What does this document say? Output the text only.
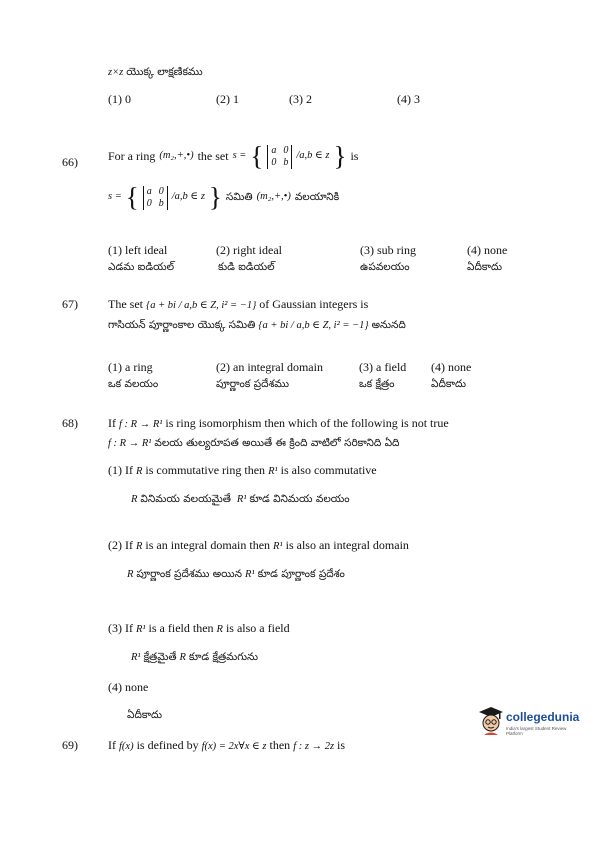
z×z యొక్క లాక్షణికము
(1) 0	(2) 1	(3) 2	(4) 3
66)	For a ring (m₂,+,•) the set s = { a 0
0 b
/a,b ∈ z } is
s = { a 0
0 b
/a,b ∈ z } సమితి (m₂,+,•) వలయానికి
(1) left ideal	(2) right ideal	(3) sub ring	(4) none
ఎడమ ఐడియల్	కుడి ఐడియల్	ఉపవలయం	ఏదీకాదు
67)	The set {a + bi / a,b ∈ Z, i² = −1} of Gaussian integers is
గాసియన్ పూర్ణాంకాల యొక్క సమితి {a + bi / a,b ∈ Z, i² = −1} అనునది
(1) a ring	(2) an integral domain	(3) a field (4) none
ఒక వలయం	పూర్ణాంక ప్రదేశము	ఒక క్షేత్రం	ఏదీకాదు
68)	If f : R → R¹ is ring isomorphism then which of the following is not true
f : R → R¹ వలయ తుల్యరూపత అయితే ఈ క్రింది వాటిలో సరికానిది ఏది
(1) If R is commutative ring then R¹ is also commutative
R వినిమయ వలయమైతే R¹ కూడ వినిమయ వలయం
(2) If R is an integral domain then R¹ is also an integral domain
R పూర్ణాంక ప్రదేశము అయిన R¹ కూడ పూర్ణాంక ప్రదేశం
(3) If R¹ is a field then R is also a field
R¹ క్షేత్రమైతే R కూడ క్షేత్రమగును
(4) none
ఏదీకాదు
69)	If f(x) is defined by f(x) = 2x∀x ∈ z then f : z → 2z is
collegedunia
India's largest Student Review Platform
